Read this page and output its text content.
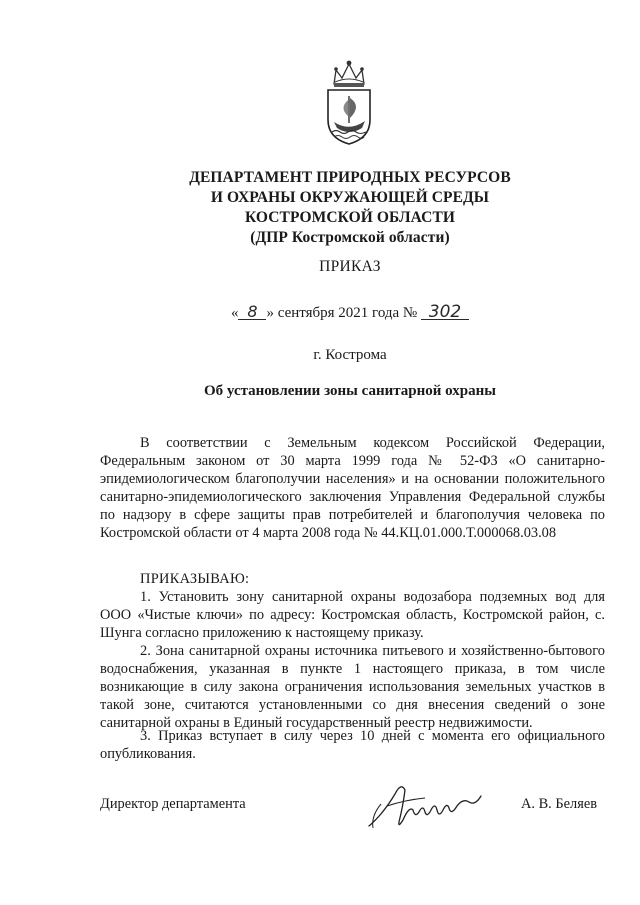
ДЕПАРТАМЕНТ ПРИРОДНЫХ РЕСУРСОВ
И ОХРАНЫ ОКРУЖАЮЩЕЙ СРЕДЫ
КОСТРОМСКОЙ ОБЛАСТИ
(ДПР Костромской области)
ПРИКАЗ
« 8 » сентября 2021 года № 302
г. Кострома
Об установлении зоны санитарной охраны
В соответствии с Земельным кодексом Российской Федерации, Федеральным законом от 30 марта 1999 года № 52-ФЗ «О санитарно-эпидемиологическом благополучии населения» и на основании положительного санитарно-эпидемиологического заключения Управления Федеральной службы по надзору в сфере защиты прав потребителей и благополучия человека по Костромской области от 4 марта 2008 года № 44.КЦ.01.000.Т.000068.03.08
ПРИКАЗЫВАЮ:
1. Установить зону санитарной охраны водозабора подземных вод для ООО «Чистые ключи» по адресу: Костромская область, Костромской район, с. Шунга согласно приложению к настоящему приказу.
2. Зона санитарной охраны источника питьевого и хозяйственно-бытового водоснабжения, указанная в пункте 1 настоящего приказа, в том числе возникающие в силу закона ограничения использования земельных участков в такой зоне, считаются установленными со дня внесения сведений о зоне санитарной охраны в Единый государственный реестр недвижимости.
3. Приказ вступает в силу через 10 дней с момента его официального опубликования.
Директор департамента	А. В. Беляев
